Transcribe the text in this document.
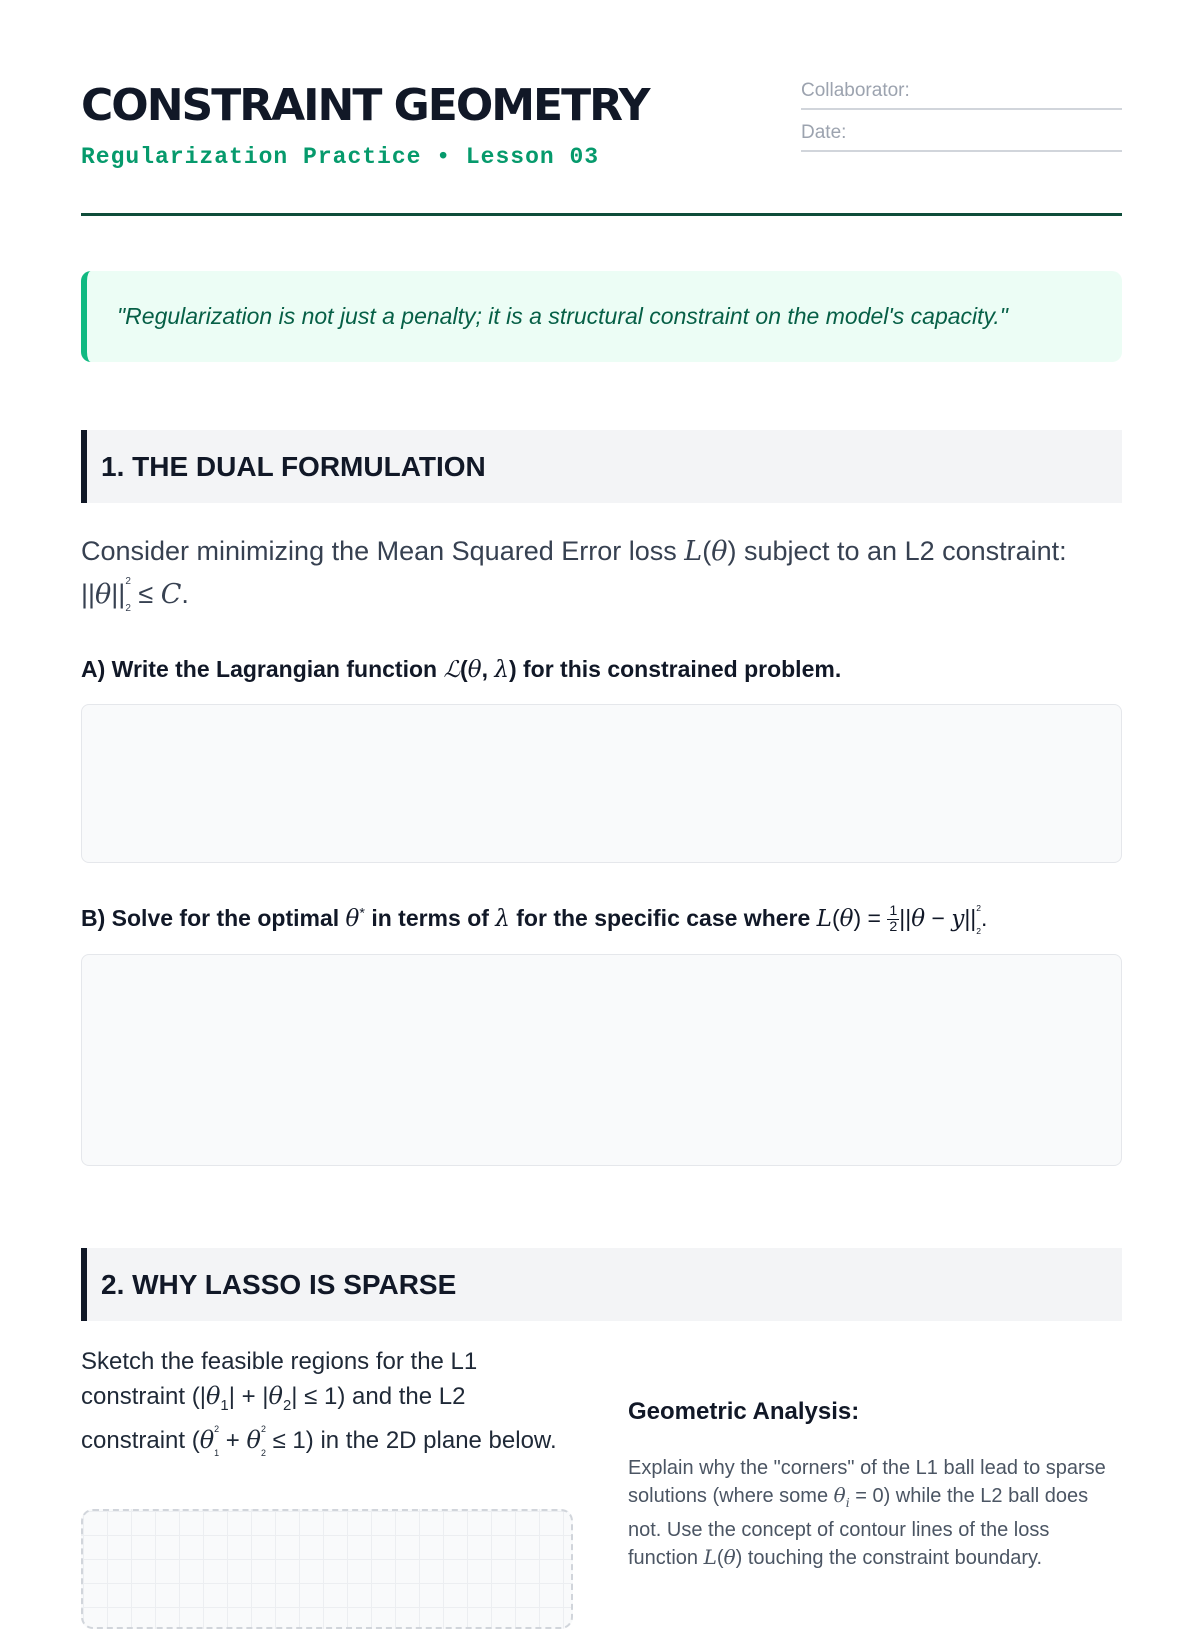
CONSTRAINT GEOMETRY
Regularization Practice • Lesson 03
Collaborator:
Date:
"Regularization is not just a penalty; it is a structural constraint on the model's capacity."
1. THE DUAL FORMULATION
Consider minimizing the Mean Squared Error loss L(θ) subject to an L2 constraint: $||\theta||^2$
$_2$ ≤ C.
A) Write the Lagrangian function ℒ(θ, λ) for this constrained problem.
B) Solve for the optimal θ* in terms of λ for the specific case where $L(\theta) = \frac{1}{2} ||\theta - y||^2$
$_2$.
2. WHY LASSO IS SPARSE
Sketch the feasible regions for the L1 constraint $(|\theta_1| + |\theta_2| \le 1)$ and the L2 constraint ($\theta^2$
$_1 + \theta^2$
$_2$ ≤ 1) in the 2D plane below.
Geometric Analysis:
Explain why the "corners" of the L1 ball lead to sparse solutions (where some $\theta_i = 0$) while the L2 ball does not. Use the concept of contour lines of the loss function L(θ) touching the constraint boundary.
